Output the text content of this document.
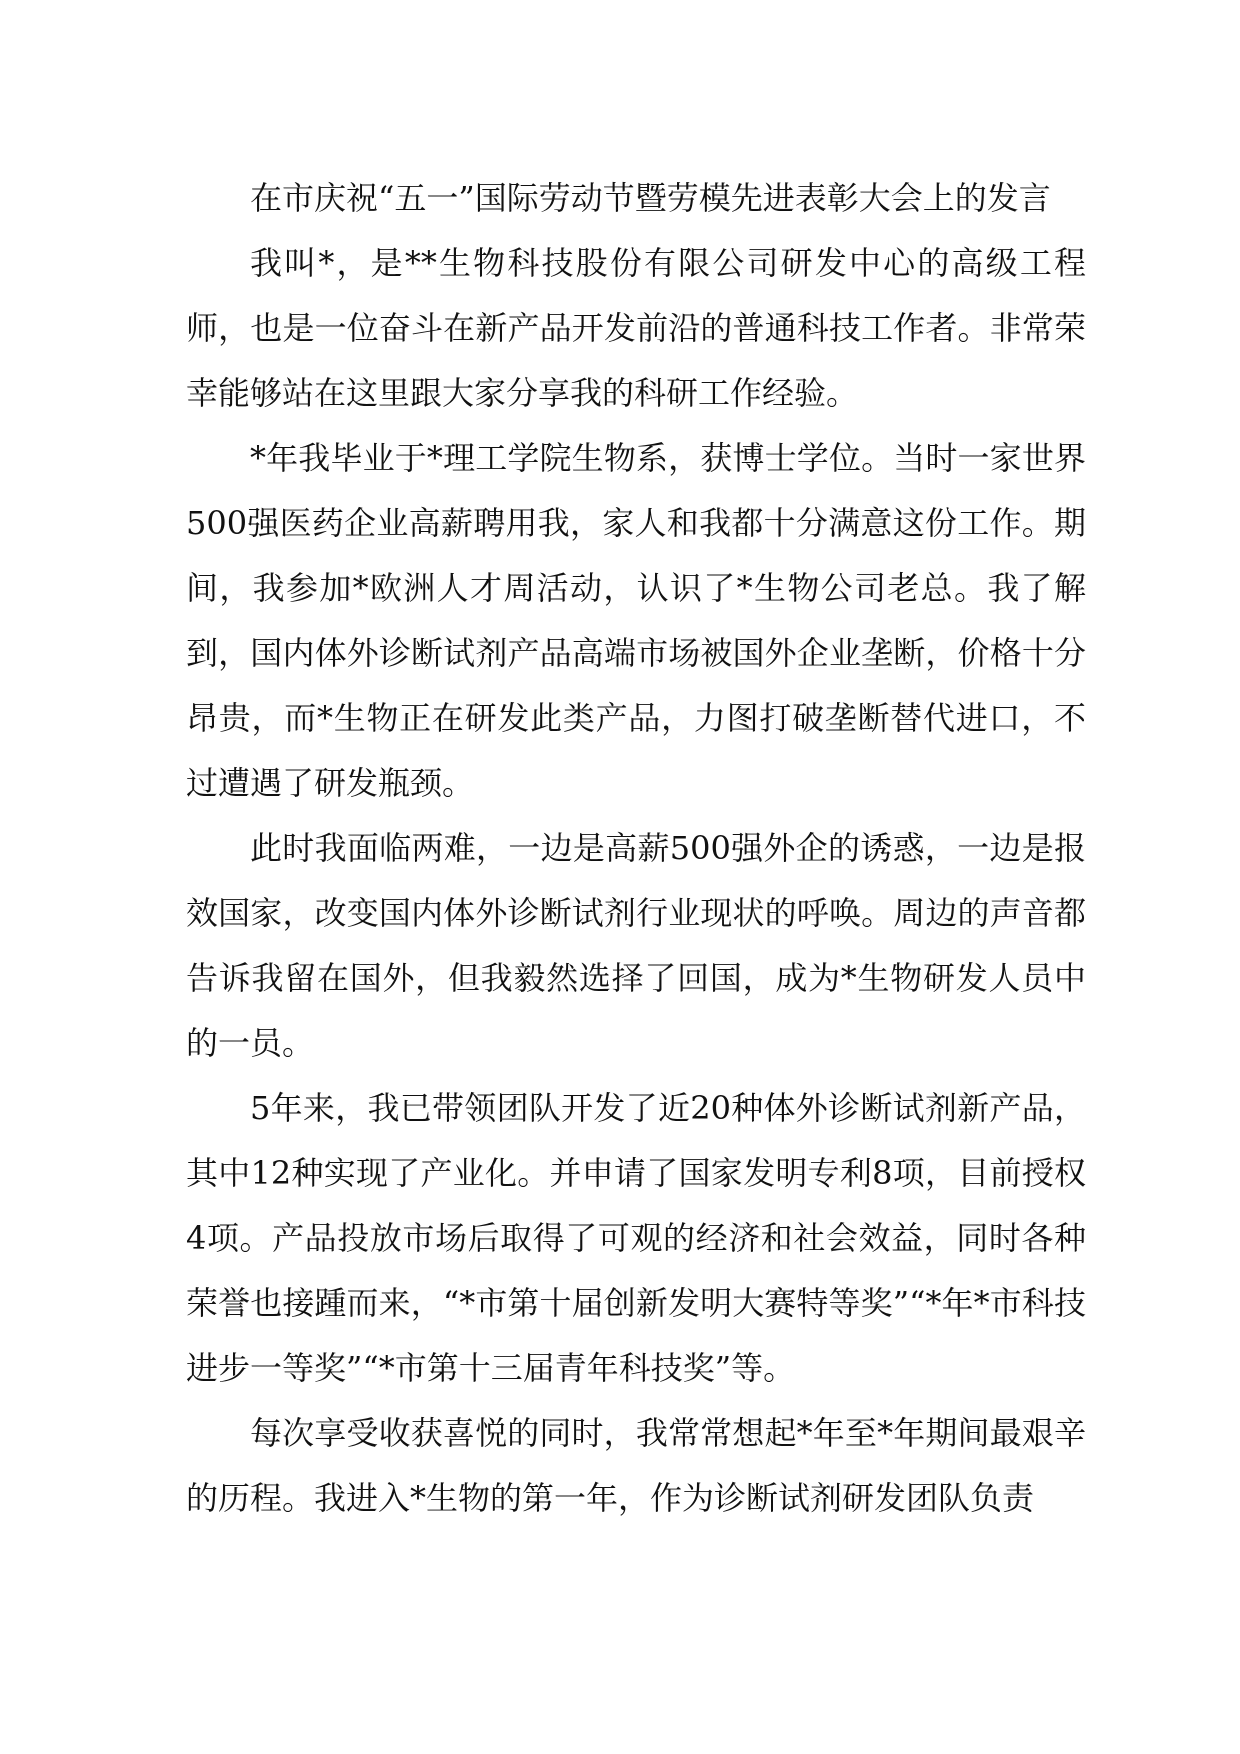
在市庆祝“五一”国际劳动节暨劳模先进表彰大会上的发言

我叫*，是**生物科技股份有限公司研发中心的高级工程师，也是一位奋斗在新产品开发前沿的普通科技工作者。非常荣幸能够站在这里跟大家分享我的科研工作经验。

*年我毕业于*理工学院生物系，获博士学位。当时一家世界500强医药企业高薪聘用我，家人和我都十分满意这份工作。期间，我参加*欧洲人才周活动，认识了*生物公司老总。我了解到，国内体外诊断试剂产品高端市场被国外企业垄断，价格十分昂贵，而*生物正在研发此类产品，力图打破垄断替代进口，不过遭遇了研发瓶颈。

此时我面临两难，一边是高薪500强外企的诱惑，一边是报效国家，改变国内体外诊断试剂行业现状的呼唤。周边的声音都告诉我留在国外，但我毅然选择了回国，成为*生物研发人员中的一员。

5年来，我已带领团队开发了近20种体外诊断试剂新产品，其中12种实现了产业化。并申请了国家发明专利8项，目前授权4项。产品投放市场后取得了可观的经济和社会效益，同时各种荣誉也接踵而来，“*市第十届创新发明大赛特等奖”“*年*市科技进步一等奖”“*市第十三届青年科技奖”等。

每次享受收获喜悦的同时，我常常想起*年至*年期间最艰辛的历程。我进入*生物的第一年，作为诊断试剂研发团队负责
